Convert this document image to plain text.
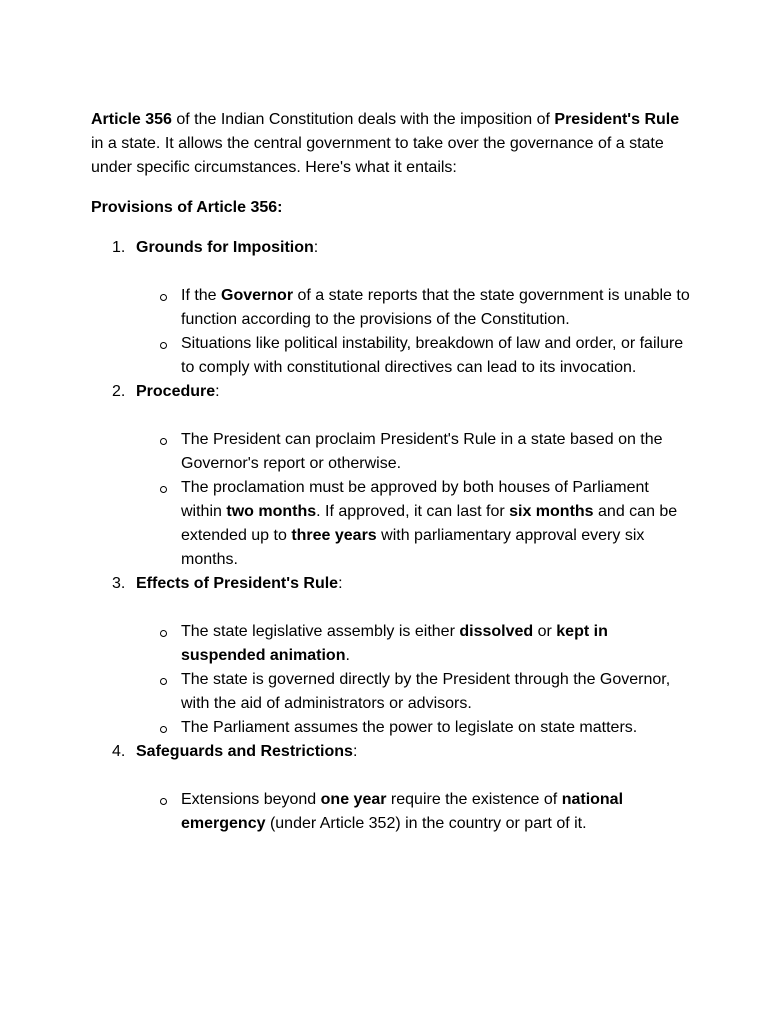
Article 356 of the Indian Constitution deals with the imposition of President's Rule in a state. It allows the central government to take over the governance of a state under specific circumstances. Here's what it entails:

Provisions of Article 356:

1. Grounds for Imposition:
If the Governor of a state reports that the state government is unable to function according to the provisions of the Constitution.
Situations like political instability, breakdown of law and order, or failure to comply with constitutional directives can lead to its invocation.
2. Procedure:
The President can proclaim President's Rule in a state based on the Governor's report or otherwise.
The proclamation must be approved by both houses of Parliament within two months. If approved, it can last for six months and can be extended up to three years with parliamentary approval every six months.
3. Effects of President's Rule:
The state legislative assembly is either dissolved or kept in suspended animation.
The state is governed directly by the President through the Governor, with the aid of administrators or advisors.
The Parliament assumes the power to legislate on state matters.
4. Safeguards and Restrictions:
Extensions beyond one year require the existence of national emergency (under Article 352) in the country or part of it.
